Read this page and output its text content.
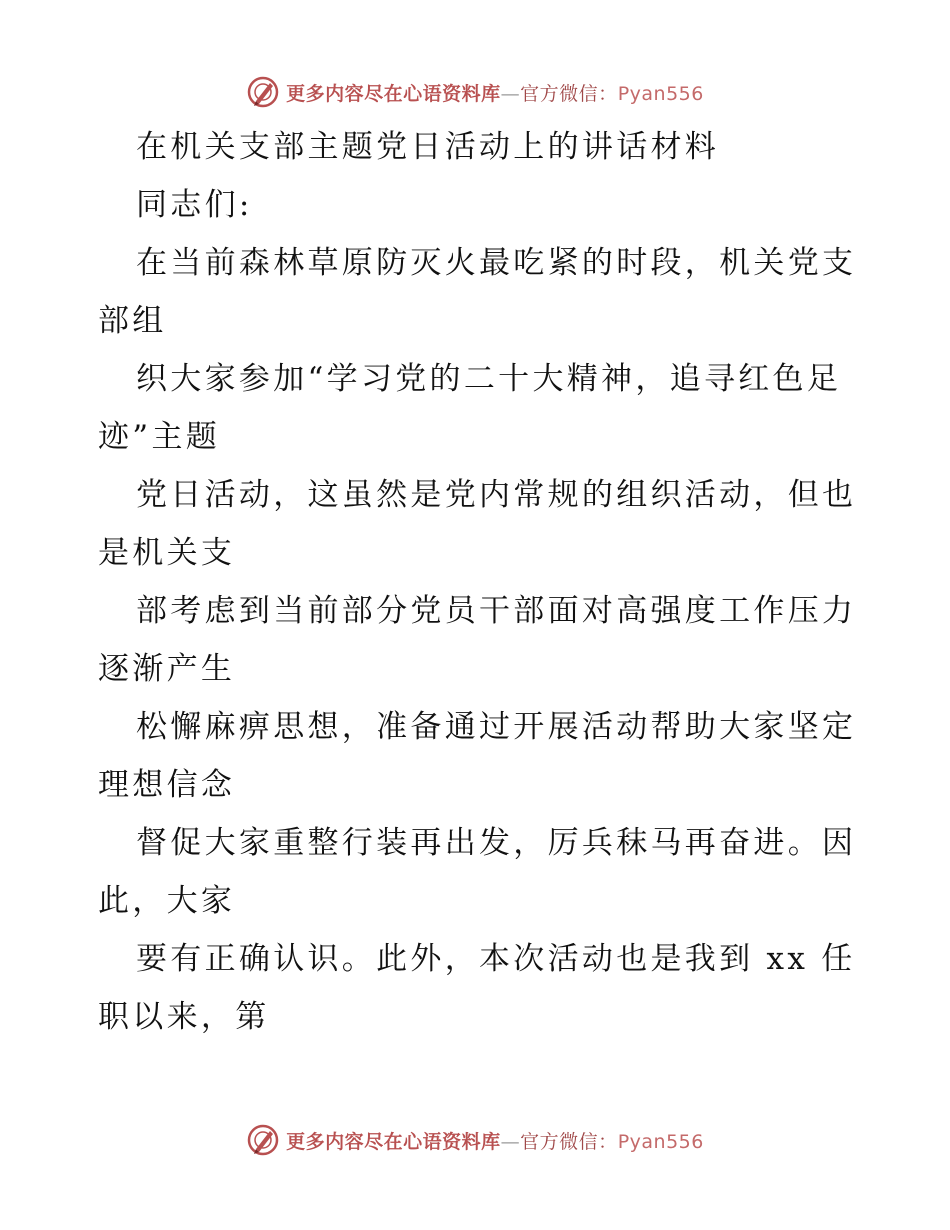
更多内容尽在心语资料库—官方微信：Pyan556
在机关支部主题党日活动上的讲话材料
同志们:
在当前森林草原防灭火最吃紧的时段，机关党支
部组
织大家参加“学习党的二十大精神，追寻红色足
迹”主题
党日活动，这虽然是党内常规的组织活动，但也
是机关支
部考虑到当前部分党员干部面对高强度工作压力
逐渐产生
松懈麻痹思想，准备通过开展活动帮助大家坚定
理想信念
督促大家重整行装再出发，厉兵秣马再奋进。因
此，大家
要有正确认识。此外，本次活动也是我到 xx 任
职以来，第
更多内容尽在心语资料库—官方微信：Pyan556
